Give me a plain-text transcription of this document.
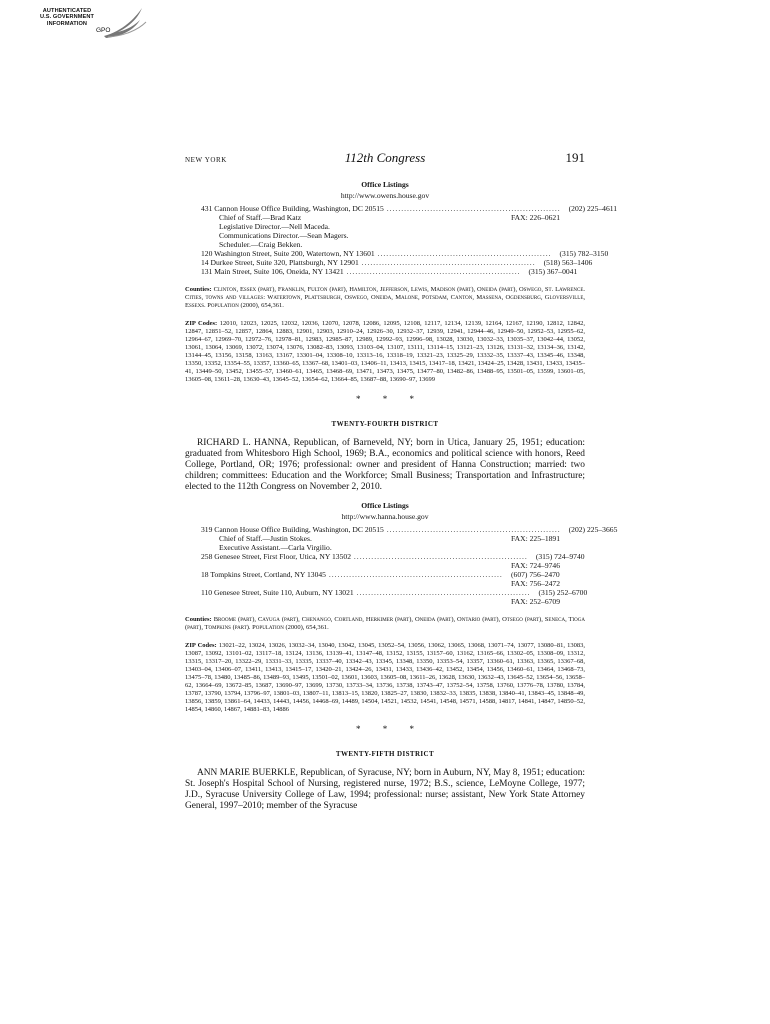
AUTHENTICATED
U.S. GOVERNMENT
INFORMATION
GPO
NEW YORK	112th Congress	191
Office Listings
http://www.owens.house.gov
431 Cannon House Office Building, Washington, DC 20515 ............................................................	(202) 225–4611
Chief of Staff.—Brad Katz	FAX: 226–0621
Legislative Director.—Nell Maceda.
Communications Director.—Sean Magers.
Scheduler.—Craig Bekken.
120 Washington Street, Suite 200, Watertown, NY 13601 ............................................................	(315) 782–3150
14 Durkee Street, Suite 320, Plattsburgh, NY 12901 ............................................................	(518) 563–1406
131 Main Street, Suite 106, Oneida, NY 13421 ............................................................	(315) 367–0041
Counties: Clinton, Essex (part), Franklin, Fulton (part), Hamilton, Jefferson, Lewis, Madison (part), Oneida (part), Oswego, St. Lawrence. Cities, towns and villages: Watertown, Plattsburgh, Oswego, Oneida, Malone, Potsdam, Canton, Massena, Ogdensburg, Gloversville, Essexs. Population (2000), 654,361.
ZIP Codes: 12010, 12023, 12025, 12032, 12036, 12070, 12078, 12086, 12095, 12108, 12117, 12134, 12139, 12164, 12167, 12190, 12812, 12842, 12847, 12851–52, 12857, 12864, 12883, 12901, 12903, 12910–24, 12926–30, 12932–37, 12939, 12941, 12944–46, 12949–50, 12952–53, 12955–62, 12964–67, 12969–70, 12972–76, 12978–81, 12983, 12985–87, 12989, 12992–93, 12996–98, 13028, 13030, 13032–33, 13035–37, 13042–44, 13052, 13061, 13064, 13069, 13072, 13074, 13076, 13082–83, 13093, 13103–04, 13107, 13111, 13114–15, 13121–23, 13126, 13131–32, 13134–36, 13142, 13144–45, 13156, 13158, 13163, 13167, 13301–04, 13308–10, 13313–16, 13318–19, 13321–23, 13325–29, 13332–35, 13337–43, 13345–46, 13348, 13350, 13352, 13354–55, 13357, 13360–65, 13367–68, 13401–03, 13406–11, 13413, 13415, 13417–18, 13421, 13424–25, 13428, 13431, 13433, 13435–41, 13449–50, 13452, 13455–57, 13460–61, 13465, 13468–69, 13471, 13473, 13475, 13477–80, 13482–86, 13488–95, 13501–05, 13599, 13601–05, 13605–08, 13611–28, 13630–43, 13645–52, 13654–62, 13664–85, 13687–88, 13690–97, 13699
* * *
TWENTY-FOURTH DISTRICT
RICHARD L. HANNA, Republican, of Barneveld, NY; born in Utica, January 25, 1951; education: graduated from Whitesboro High School, 1969; B.A., economics and political science with honors, Reed College, Portland, OR; 1976; professional: owner and president of Hanna Construction; married: two children; committees: Education and the Workforce; Small Business; Transportation and Infrastructure; elected to the 112th Congress on November 2, 2010.
Office Listings
http://www.hanna.house.gov
319 Cannon House Office Building, Washington, DC 20515 ............................................................	(202) 225–3665
Chief of Staff.—Justin Stokes.	FAX: 225–1891
Executive Assistant.—Carla Virgilio.
258 Genesee Street, First Floor, Utica, NY 13502 ............................................................	(315) 724–9740
FAX: 724–9746
18 Tompkins Street, Cortland, NY 13045 ............................................................	(607) 756–2470
FAX: 756–2472
110 Genesee Street, Suite 110, Auburn, NY 13021 ............................................................	(315) 252–6700
FAX: 252–6709
Counties: Broome (part), Cayuga (part), Chenango, Cortland, Herkimer (part), Oneida (part), Ontario (part), Otsego (part), Seneca, Tioga (part), Tompkins (part). Population (2000), 654,361.
ZIP Codes: 13021–22, 13024, 13026, 13032–34, 13040, 13042, 13045, 13052–54, 13056, 13062, 13065, 13068, 13071–74, 13077, 13080–81, 13083, 13087, 13092, 13101–02, 13117–18, 13124, 13136, 13139–41, 13147–48, 13152, 13155, 13157–60, 13162, 13165–66, 13302–05, 13308–09, 13312, 13315, 13317–20, 13322–29, 13331–33, 13335, 13337–40, 13342–43, 13345, 13348, 13350, 13353–54, 13357, 13360–61, 13363, 13365, 13367–68, 13403–04, 13406–07, 13411, 13413, 13415–17, 13420–21, 13424–26, 13431, 13433, 13436–42, 13452, 13454, 13456, 13460–61, 13464, 13468–73, 13475–78, 13480, 13485–86, 13489–93, 13495, 13501–02, 13601, 13603, 13605–08, 13611–26, 13628, 13630, 13632–43, 13645–52, 13654–56, 13658–62, 13664–69, 13672–85, 13687, 13690–97, 13699, 13730, 13733–34, 13736, 13738, 13743–47, 13752–54, 13758, 13760, 13776–78, 13780, 13784, 13787, 13790, 13794, 13796–97, 13801–03, 13807–11, 13813–15, 13820, 13825–27, 13830, 13832–33, 13835, 13838, 13840–41, 13843–45, 13848–49, 13856, 13859, 13861–64, 14433, 14443, 14456, 14468–69, 14489, 14504, 14521, 14532, 14541, 14548, 14571, 14588, 14817, 14841, 14847, 14850–52, 14854, 14860, 14867, 14881–83, 14886
* * *
TWENTY-FIFTH DISTRICT
ANN MARIE BUERKLE, Republican, of Syracuse, NY; born in Auburn, NY, May 8, 1951; education: St. Joseph's Hospital School of Nursing, registered nurse, 1972; B.S., science, LeMoyne College, 1977; J.D., Syracuse University College of Law, 1994; professional: nurse; assistant, New York State Attorney General, 1997–2010; member of the Syracuse
